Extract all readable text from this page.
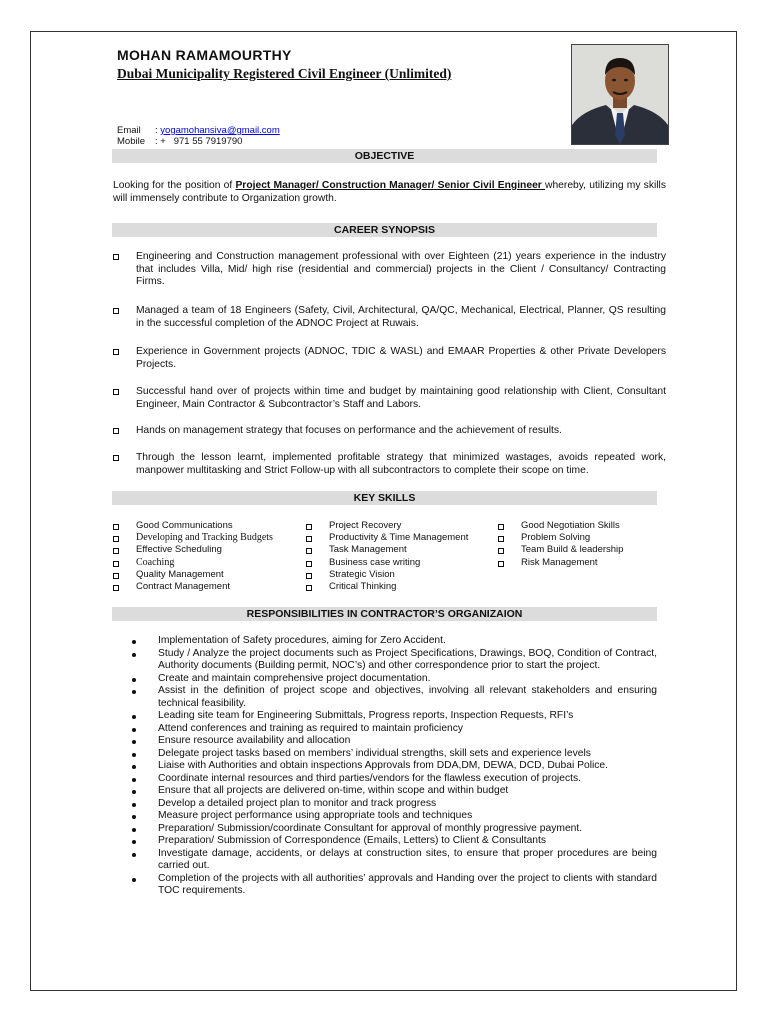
MOHAN RAMAMOURTHY
Dubai Municipality Registered Civil Engineer (Unlimited)
Email : yogamohansiva@gmail.com
Mobile : +   971 55 7919790
OBJECTIVE
Looking for the position of Project Manager/ Construction Manager/ Senior Civil Engineer whereby, utilizing my skills will immensely contribute to Organization growth.
CAREER SYNOPSIS
Engineering and Construction management professional with over Eighteen (21) years experience in the industry that includes Villa, Mid/ high rise (residential and commercial) projects in the Client / Consultancy/ Contracting Firms.
Managed a team of 18 Engineers (Safety, Civil, Architectural, QA/QC, Mechanical, Electrical, Planner, QS resulting in the successful completion of the ADNOC Project at Ruwais.
Experience in Government projects (ADNOC, TDIC & WASL) and EMAAR Properties & other Private Developers Projects.
Successful hand over of projects within time and budget by maintaining good relationship with Client, Consultant Engineer, Main Contractor & Subcontractor’s Staff and Labors.
Hands on management strategy that focuses on performance and the achievement of results.
Through the lesson learnt, implemented profitable strategy that minimized wastages, avoids repeated work, manpower multitasking and Strict Follow-up with all subcontractors to complete their scope on time.
KEY SKILLS
Good Communications
Developing and Tracking Budgets
Effective Scheduling
Coaching
Quality Management
Contract Management
Project Recovery
Productivity & Time Management
Task Management
Business case writing
Strategic Vision
Critical Thinking
Good Negotiation Skills
Problem Solving
Team Build & leadership
Risk Management
RESPONSIBILITIES IN CONTRACTOR’S ORGANIZAION
Implementation of Safety procedures, aiming for Zero Accident.
Study / Analyze the project documents such as Project Specifications, Drawings, BOQ, Condition of Contract, Authority documents (Building permit, NOC’s) and other correspondence prior to start the project.
Create and maintain comprehensive project documentation.
Assist in the definition of project scope and objectives, involving all relevant stakeholders and ensuring technical feasibility.
Leading site team for Engineering Submittals, Progress reports, Inspection Requests, RFI’s
Attend conferences and training as required to maintain proficiency
Ensure resource availability and allocation
Delegate project tasks based on members’ individual strengths, skill sets and experience levels
Liaise with Authorities and obtain inspections Approvals from DDA,DM, DEWA, DCD, Dubai Police.
Coordinate internal resources and third parties/vendors for the flawless execution of projects.
Ensure that all projects are delivered on-time, within scope and within budget
Develop a detailed project plan to monitor and track progress
Measure project performance using appropriate tools and techniques
Preparation/ Submission/coordinate Consultant for approval of monthly progressive payment.
Preparation/ Submission of Correspondence (Emails, Letters) to Client & Consultants
Investigate damage, accidents, or delays at construction sites, to ensure that proper procedures are being carried out.
Completion of the projects with all authorities’ approvals and Handing over the project to clients with standard TOC requirements.
